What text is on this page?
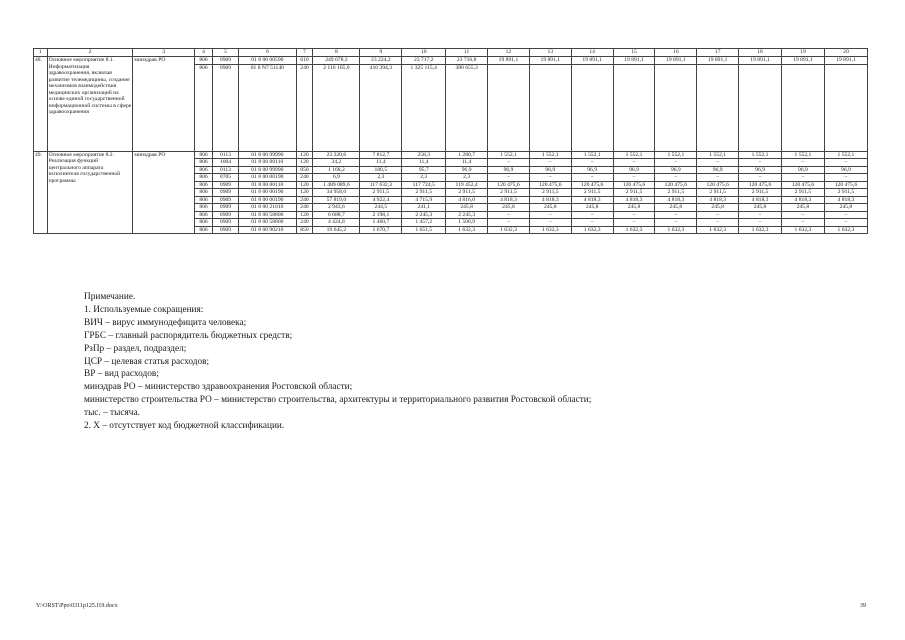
1	2	3	4	5	6	7	8	9	10	11	12	13	14	15	16	17	18	19	20
48.	Основное мероприятие 8.1. Информатизация здравоохранения, включая развитие телемедицины, создание механизмов взаимодействия медицинских организаций на основе единой государственной информационной системы в сфере здравоохранения	минздрав РО	806	0909	01 8 00 00590	610	249 678,3	23 224,2	23 717,2	23 716,8	19 891,1	19 891,1	19 891,1	19 891,1	19 891,1	19 891,1	19 891,1	19 891,1	19 891,1
			806	0909	01 8 N7 51140	240	2 116 165,0	410 394,3	1 325 115,4	380 655,3									
49.	Основное мероприятие 8.2. Реализация функций центрального аппарата исполнителя государственной программы	минздрав РО	806	0113	01 8 00 99990	120	23 320,6	7 812,7	258,3	1 280,7	1 552,1	1 552,1	1 552,1	1 552,1	1 552,1	1 552,1	1 552,1	1 552,1	1 552,1
			806	1004	01 8 00 00110	120	34,2	11,4	11,4	11,4	–	–	–	–	–	–	–	–	–
			806	0113	01 8 00 99990	850	1 168,2	100,5	95,7	96,9	96,9	96,9	96,9	96,9	96,9	96,9	96,9	96,9	96,9
			806	0705	01 8 00 00190	240	6,9	2,3	2,3	2,3	–	–	–	–	–	–	–	–	–
			806	0909	01 8 00 00110	120	1 489 089,6	117 632,3	117 724,5	119 452,4	120 475,6	120 475,6	120 475,6	120 475,6	120 475,6	120 475,6	120 475,6	120 475,6	120 475,6
			806	0909	01 8 00 00190	120	34 958,0	2 911,5	2 911,5	2 911,5	2 911,5	2 911,5	2 911,5	2 911,5	2 911,5	2 911,5	2 911,5	2 911,5	2 911,5
			806	0909	01 8 00 00190	240	57 819,0	4 922,4	4 715,9	4 816,0	4 818,3	4 818,3	4 818,3	4 818,3	4 818,3	4 818,3	4 818,3	4 818,3	4 818,3
			806	0909	01 8 00 21010	240	2 943,6	244,5	241,1	245,8	245,8	245,8	245,8	245,8	245,8	245,8	245,8	245,8	245,8
			806	0909	01 8 00 58800	120	6 688,7	2 198,1	2 245,3	2 245,3	–	–	–	–	–	–	–	–	–
			806	0909	01 8 00 58800	240	4 424,8	1 460,7	1 457,2	1 506,9	–	–	–	–	–	–	–	–	–
			806	0909	01 8 00 90210	850	19 645,2	1 670,7	1 651,5	1 632,3	1 632,3	1 632,3	1 632,3	1 632,3	1 632,3	1 632,3	1 632,3	1 632,3	1 632,3
Примечание.
1. Используемые сокращения:
ВИЧ – вирус иммунодефицита человека;
ГРБС – главный распорядитель бюджетных средств;
РзПр – раздел, подраздел;
ЦСР – целевая статья расходов;
ВР – вид расходов;
минздрав РО – министерство здравоохранения Ростовской области;
министерство строительства РО – министерство строительства, архитектуры и территориального развития Ростовской области;
тыс. – тысяча.
2. Х – отсутствует код бюджетной классификации.
Y:\ORST\Ppo\0311p125.f19.docx	39
